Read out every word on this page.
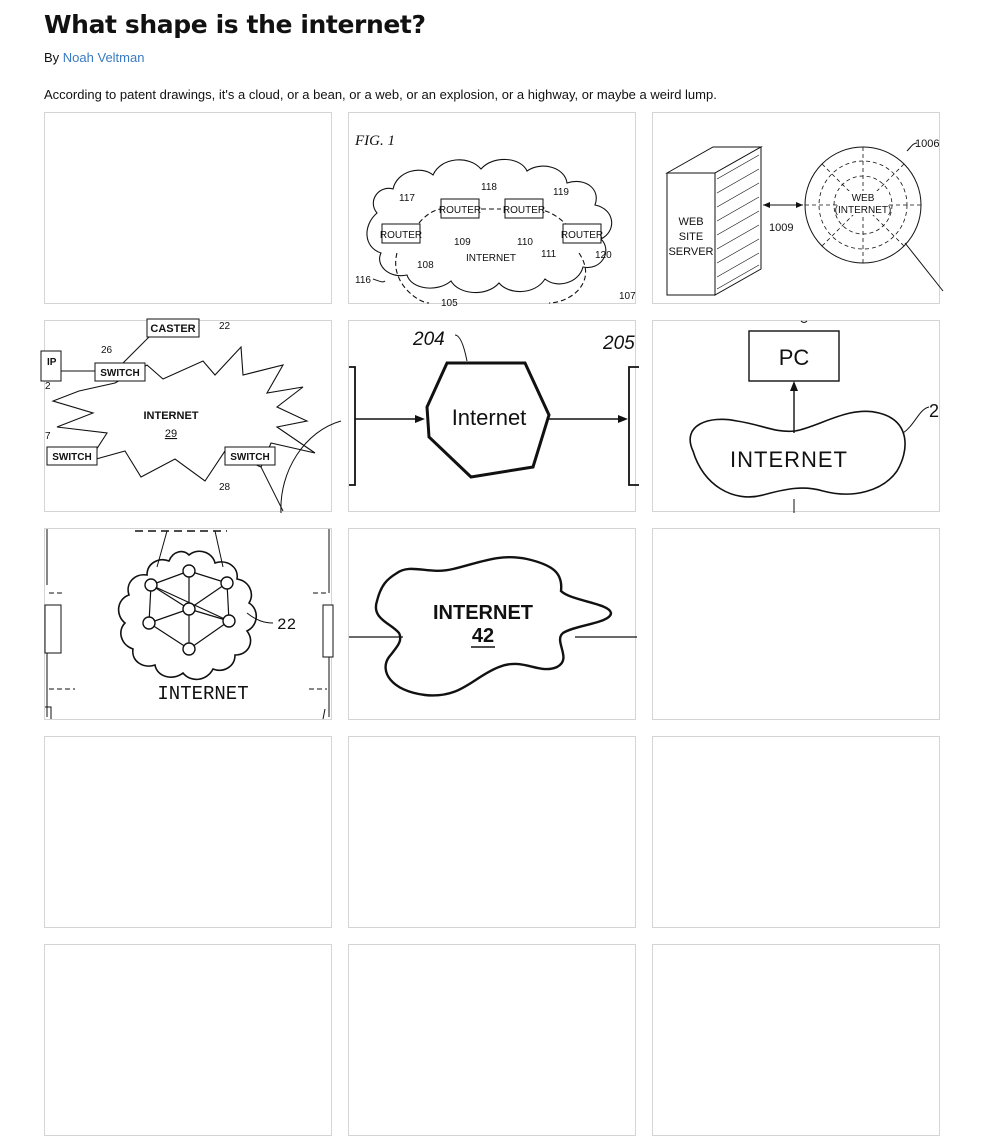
What shape is the internet?
By Noah Veltman

According to patent drawings, it's a cloud, or a bean, or a web, or an explosion, or a highway, or maybe a weird lump.

FIG. 1
ROUTER ROUTER
ROUTER	ROUTER
INTERNET
118	119
117
109	110
111
108
120
116
105
107
WEB
SITE
SERVER
1009
WEB
(INTERNET)
1006
CASTER 22
26
IP
SWITCH
INTERNET
29
SWITCH
7
2
SWITCH
28
204	205
Internet
PC
INTERNET
2
22
INTERNET
INTERNET
42
